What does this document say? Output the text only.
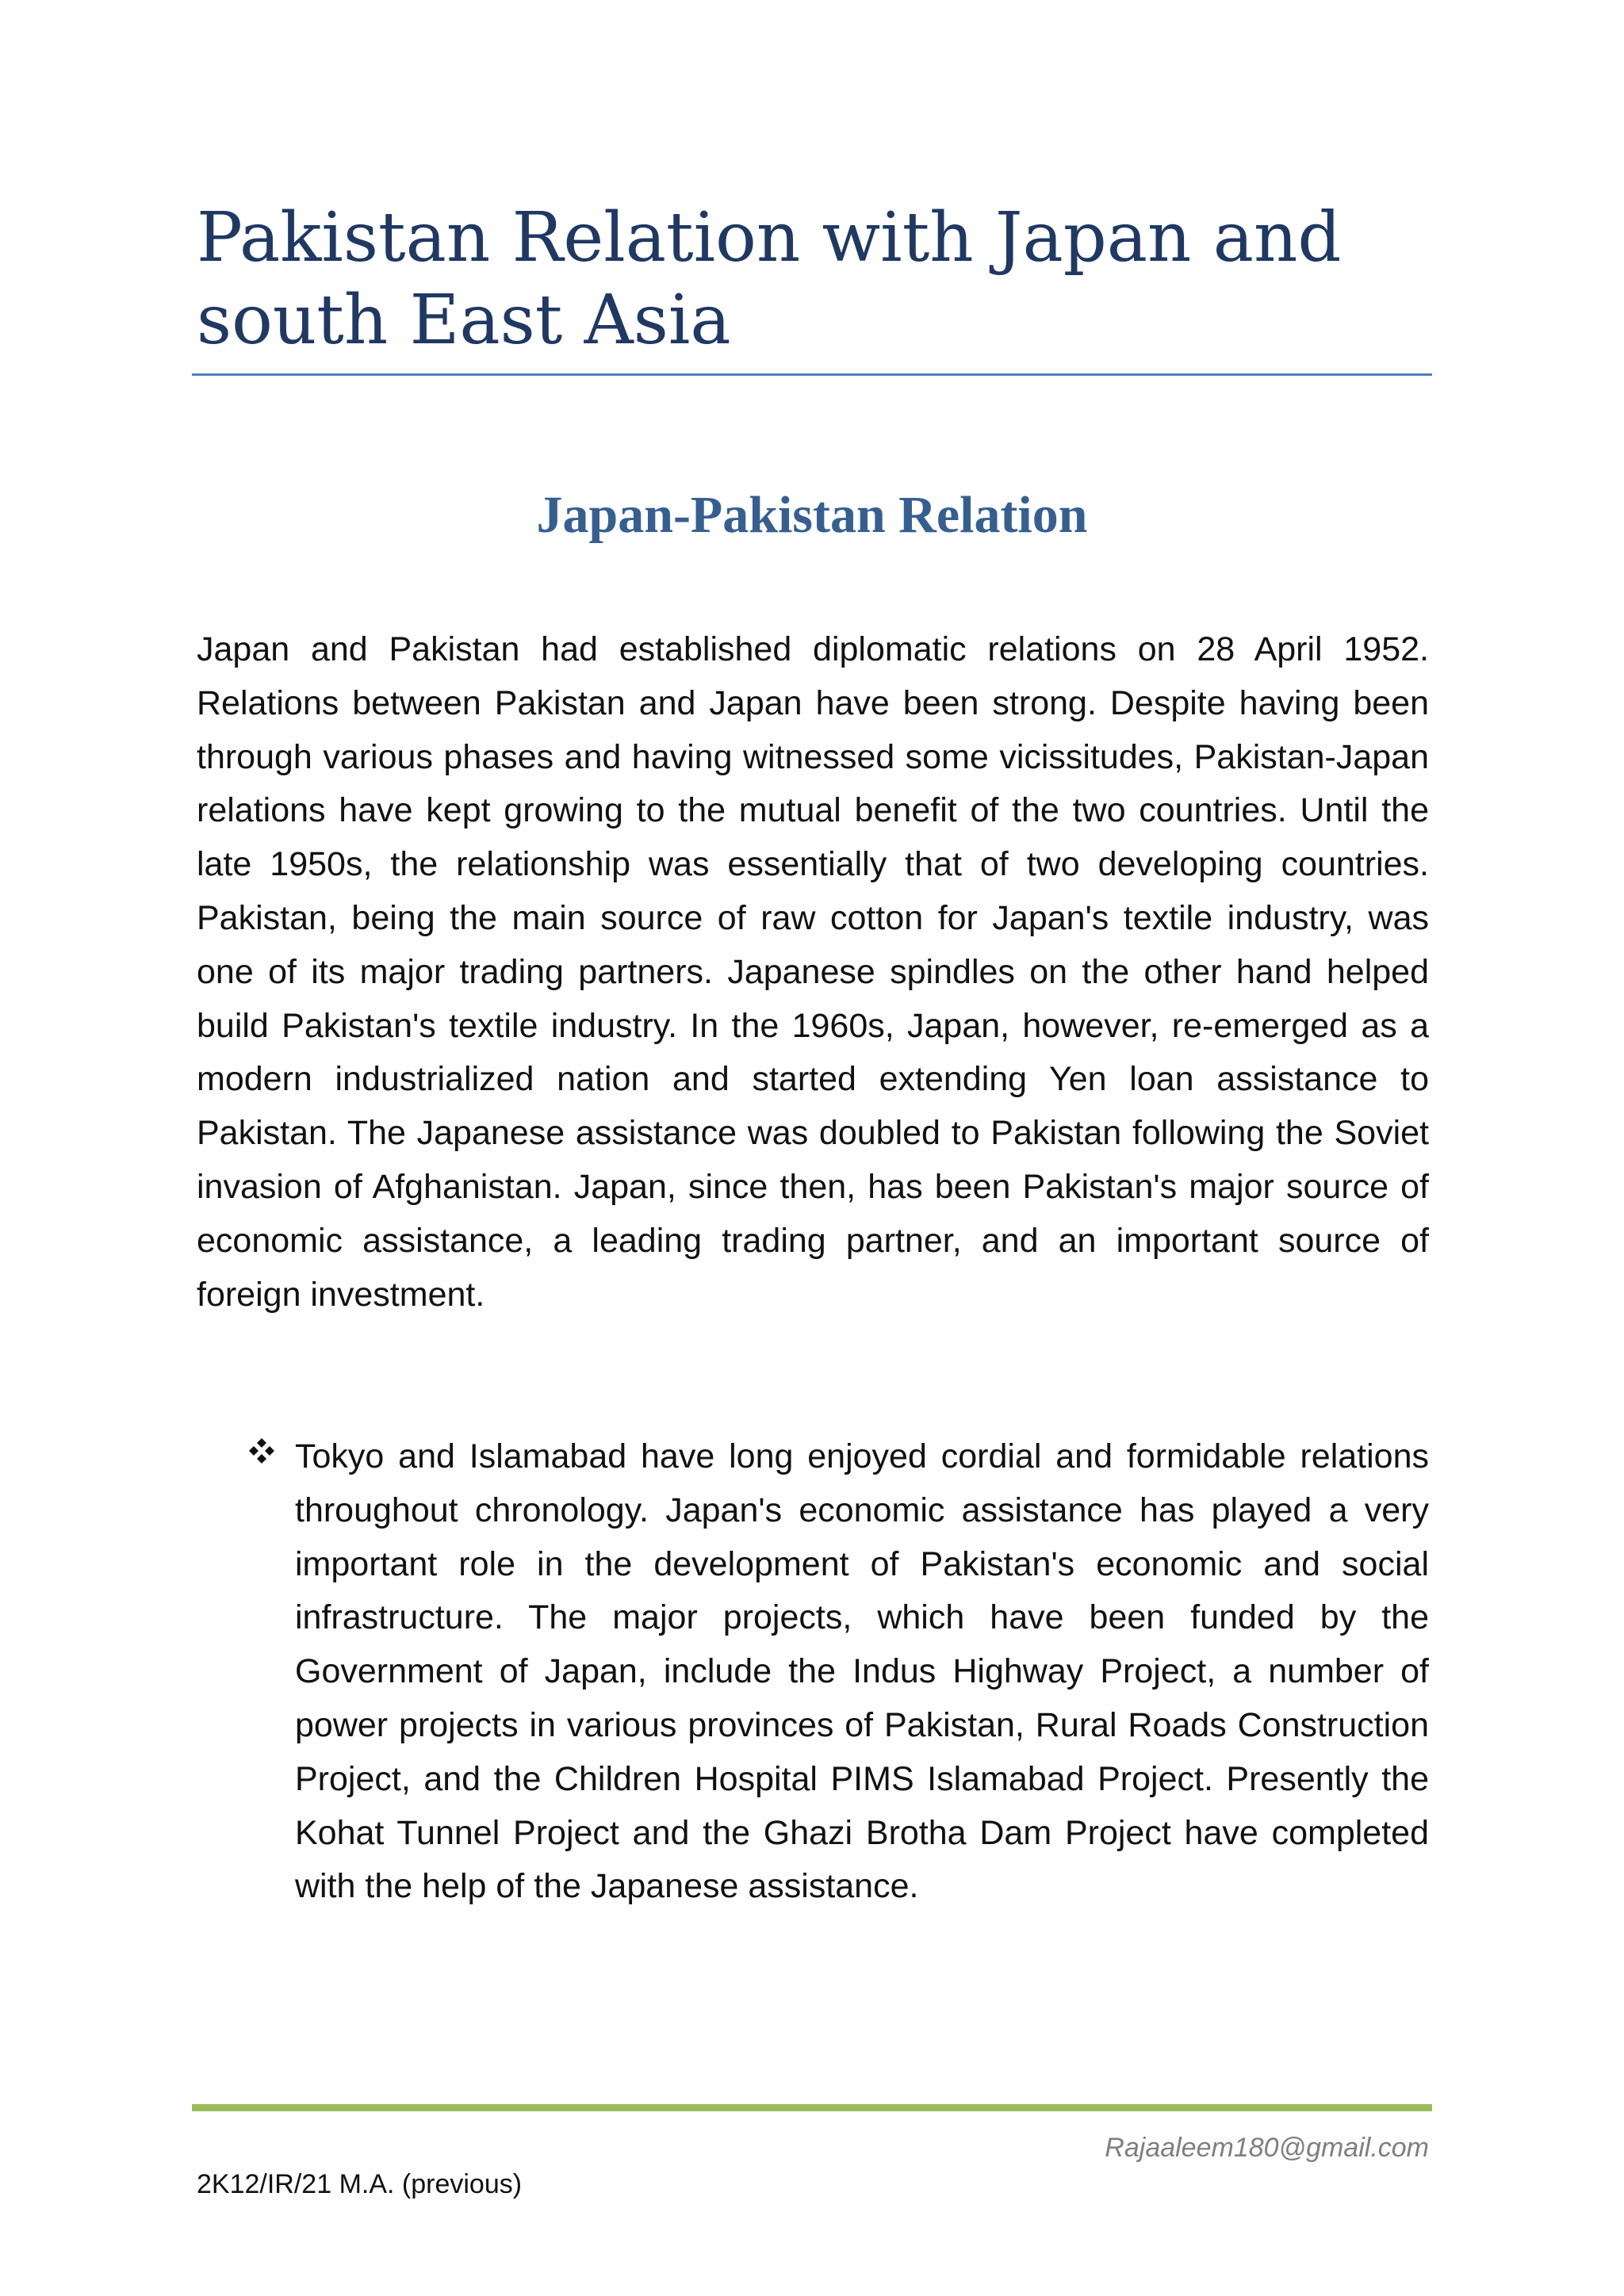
Pakistan Relation with Japan and south East Asia
Japan-Pakistan Relation

Japan and Pakistan had established diplomatic relations on 28 April 1952. Relations between Pakistan and Japan have been strong. Despite having been through various phases and having witnessed some vicissitudes, Pakistan-Japan relations have kept growing to the mutual benefit of the two countries. Until the late 1950s, the relationship was essentially that of two developing countries. Pakistan, being the main source of raw cotton for Japan's textile industry, was one of its major trading partners. Japanese spindles on the other hand helped build Pakistan's textile industry. In the 1960s, Japan, however, re-emerged as a modern industrialized nation and started extending Yen loan assistance to Pakistan. The Japanese assistance was doubled to Pakistan following the Soviet invasion of Afghanistan. Japan, since then, has been Pakistan's major source of economic assistance, a leading trading partner, and an important source of foreign investment.

Tokyo and Islamabad have long enjoyed cordial and formidable relations throughout chronology. Japan's economic assistance has played a very important role in the development of Pakistan's economic and social infrastructure. The major projects, which have been funded by the Government of Japan, include the Indus Highway Project, a number of power projects in various provinces of Pakistan, Rural Roads Construction Project, and the Children Hospital PIMS Islamabad Project. Presently the Kohat Tunnel Project and the Ghazi Brotha Dam Project have completed with the help of the Japanese assistance.

Rajaaleem180@gmail.com
2K12/IR/21 M.A. (previous)
